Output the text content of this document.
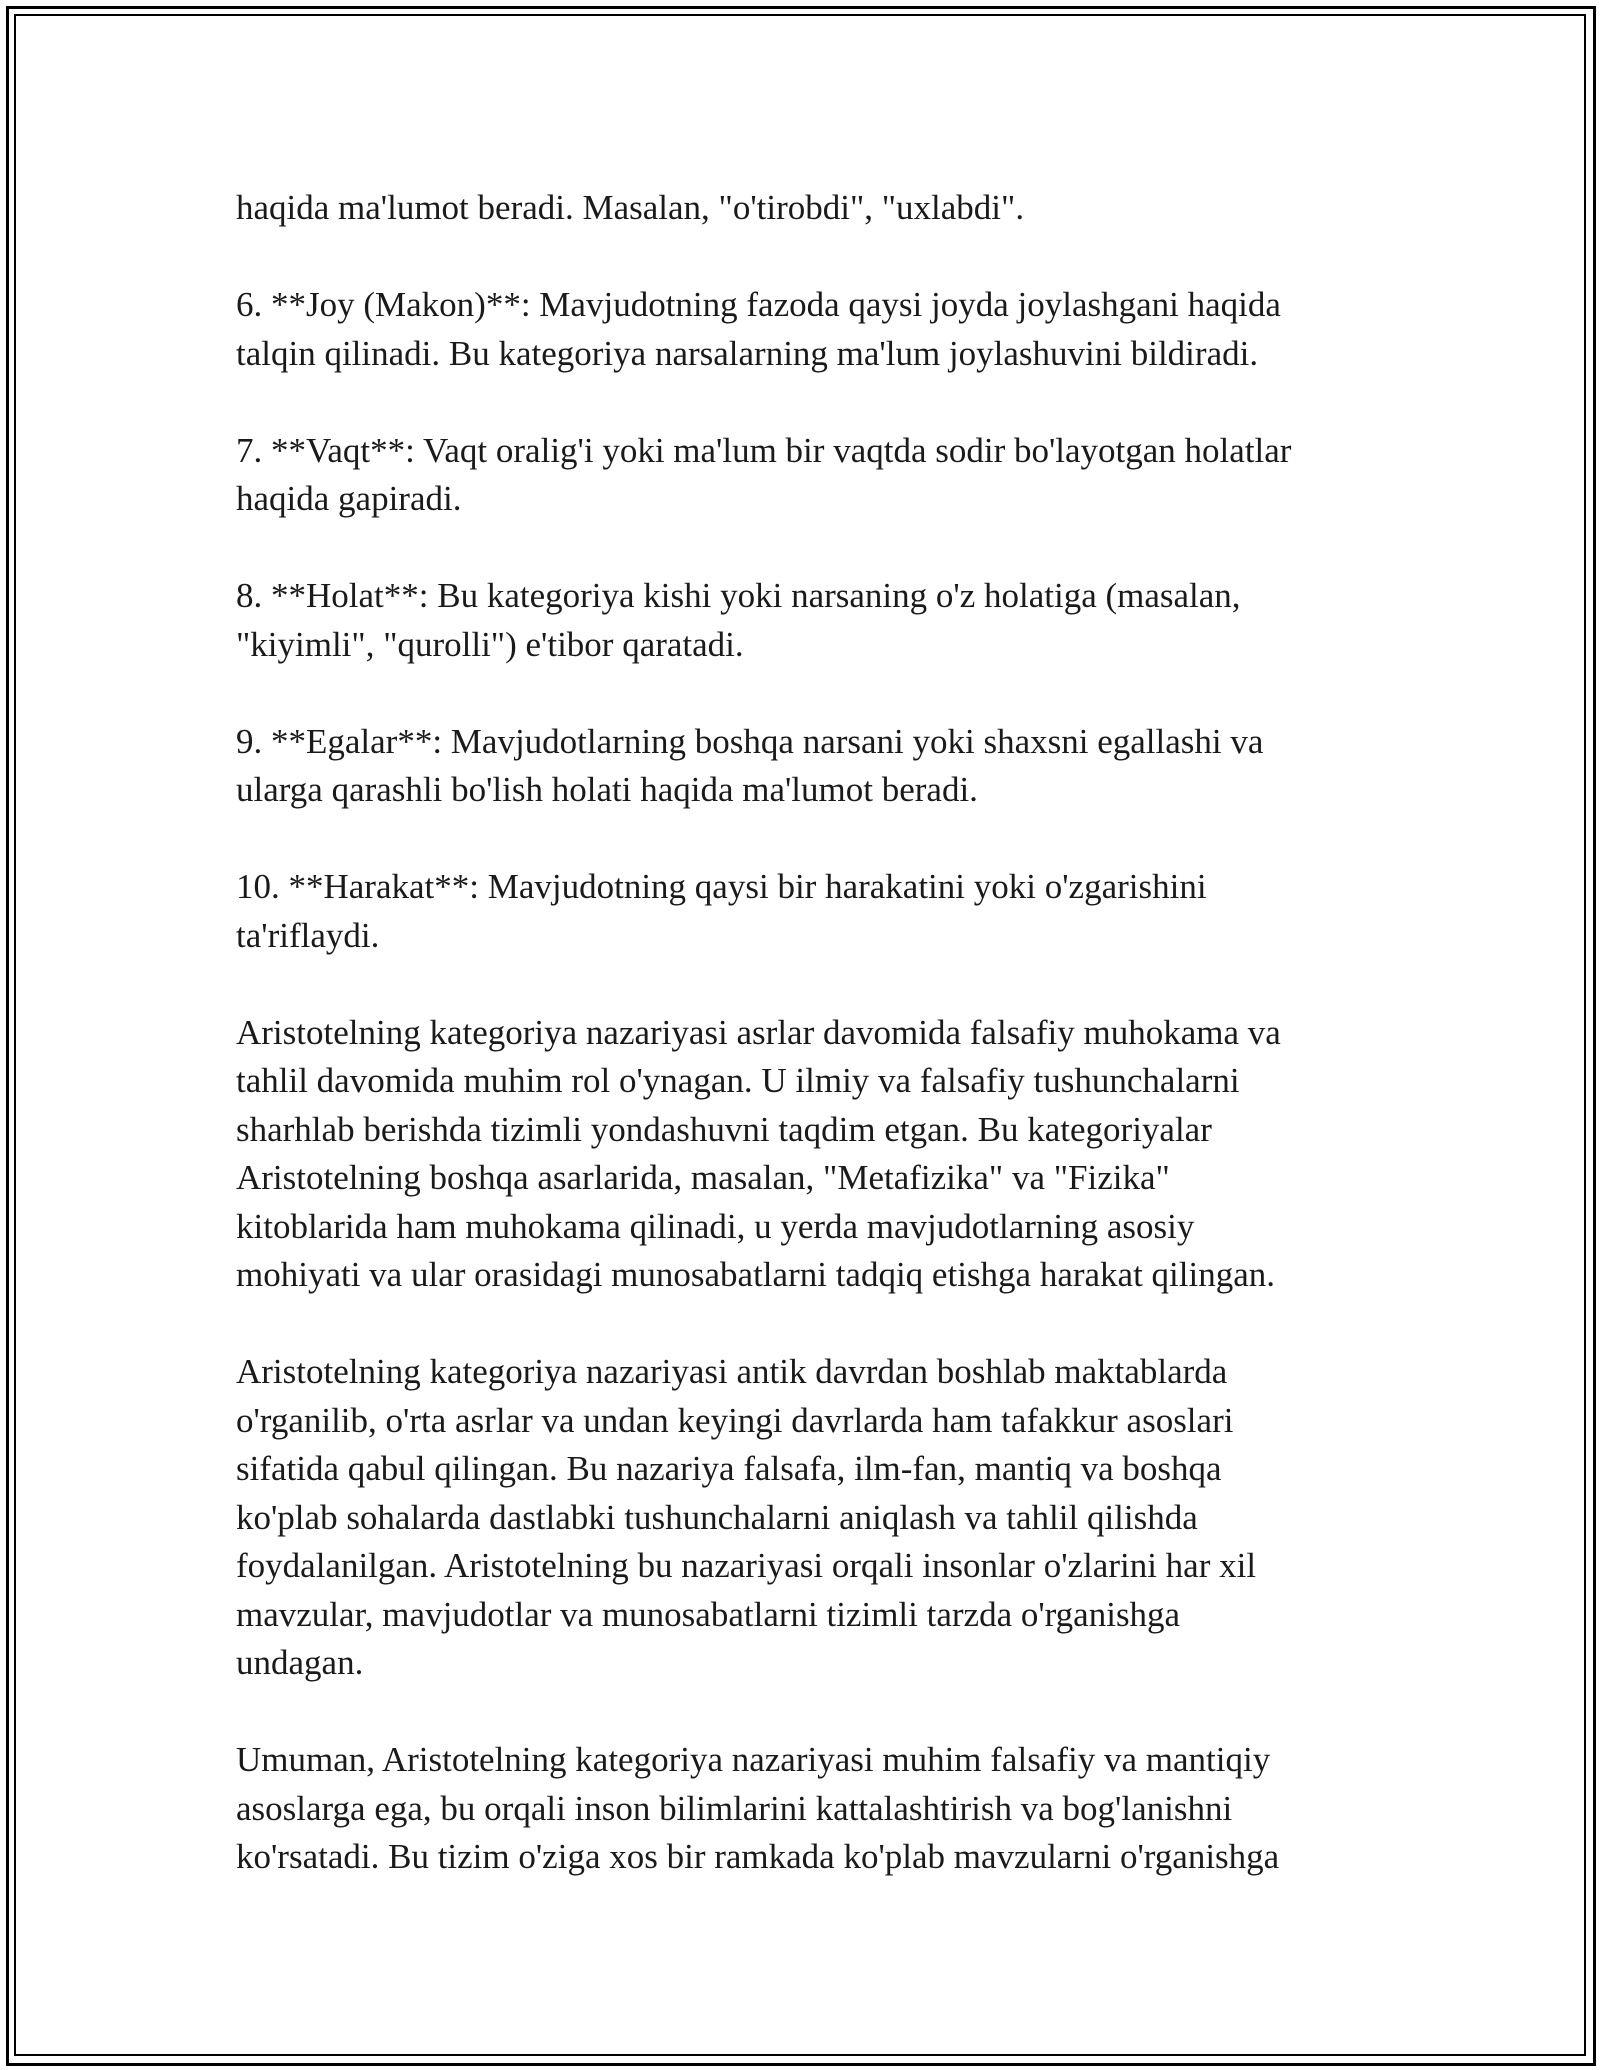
haqida ma'lumot beradi. Masalan, "o'tirobdi", "uxlabdi".

6. **Joy (Makon)**: Mavjudotning fazoda qaysi joyda joylashgani haqida
talqin qilinadi. Bu kategoriya narsalarning ma'lum joylashuvini bildiradi.

7. **Vaqt**: Vaqt oralig'i yoki ma'lum bir vaqtda sodir bo'layotgan holatlar
haqida gapiradi.

8. **Holat**: Bu kategoriya kishi yoki narsaning o'z holatiga (masalan,
"kiyimli", "qurolli") e'tibor qaratadi.

9. **Egalar**: Mavjudotlarning boshqa narsani yoki shaxsni egallashi va
ularga qarashli bo'lish holati haqida ma'lumot beradi.

10. **Harakat**: Mavjudotning qaysi bir harakatini yoki o'zgarishini
ta'riflaydi.

Aristotelning kategoriya nazariyasi asrlar davomida falsafiy muhokama va
tahlil davomida muhim rol o'ynagan. U ilmiy va falsafiy tushunchalarni
sharhlab berishda tizimli yondashuvni taqdim etgan. Bu kategoriyalar
Aristotelning boshqa asarlarida, masalan, "Metafizika" va "Fizika"
kitoblarida ham muhokama qilinadi, u yerda mavjudotlarning asosiy
mohiyati va ular orasidagi munosabatlarni tadqiq etishga harakat qilingan.

Aristotelning kategoriya nazariyasi antik davrdan boshlab maktablarda
o'rganilib, o'rta asrlar va undan keyingi davrlarda ham tafakkur asoslari
sifatida qabul qilingan. Bu nazariya falsafa, ilm-fan, mantiq va boshqa
ko'plab sohalarda dastlabki tushunchalarni aniqlash va tahlil qilishda
foydalanilgan. Aristotelning bu nazariyasi orqali insonlar o'zlarini har xil
mavzular, mavjudotlar va munosabatlarni tizimli tarzda o'rganishga
undagan.

Umuman, Aristotelning kategoriya nazariyasi muhim falsafiy va mantiqiy
asoslarga ega, bu orqali inson bilimlarini kattalashtirish va bog'lanishni
ko'rsatadi. Bu tizim o'ziga xos bir ramkada ko'plab mavzularni o'rganishga
